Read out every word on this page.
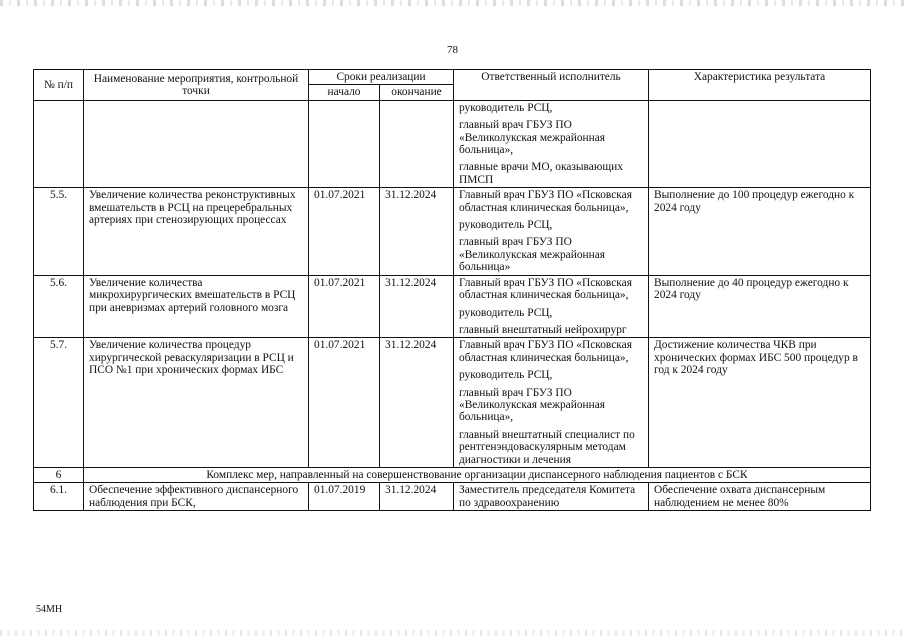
78
№ п/п	Наименование мероприятия, контрольной точки	Сроки реализации		Ответственный исполнитель	Характеристика результата
		начало	окончание		

				руководитель РСЦ,

главный врач ГБУЗ ПО «Великолукская межрайонная больница»,

главные врачи МО, оказывающих ПМСП	

5.5.	Увеличение количества реконструктивных вмешательств в РСЦ на прецеребральных артериях при стенозирующих процессах	01.07.2021	31.12.2024	Главный врач ГБУЗ ПО «Псковская областная клиническая больница»,

руководитель РСЦ,

главный врач ГБУЗ ПО «Великолукская межрайонная больница»	Выполнение до 100 процедур ежегодно к 2024 году
5.6.	Увеличение количества микрохирургических вмешательств в РСЦ при аневризмах артерий головного мозга	01.07.2021	31.12.2024	Главный врач ГБУЗ ПО «Псковская областная клиническая больница»,

руководитель РСЦ,

главный внештатный нейрохирург	Выполнение до 40 процедур ежегодно к 2024 году
5.7.	Увеличение количества процедур хирургической реваскуляризации в РСЦ и ПСО №1 при хронических формах ИБС	01.07.2021	31.12.2024	Главный врач ГБУЗ ПО «Псковская областная клиническая больница»,

руководитель РСЦ,

главный врач ГБУЗ ПО «Великолукская межрайонная больница»,

главный внештатный специалист по рентгенэндоваскулярным методам диагностики и лечения	Достижение количества ЧКВ при хронических формах ИБС 500 процедур в год к 2024 году
6	Комплекс мер, направленный на совершенствование организации диспансерного наблюдения пациентов с БСК				
6.1.	Обеспечение эффективного диспансерного наблюдения при БСК,	01.07.2019	31.12.2024	Заместитель председателя Комитета по здравоохранению	Обеспечение охвата диспансерным наблюдением не менее 80%
54МН
